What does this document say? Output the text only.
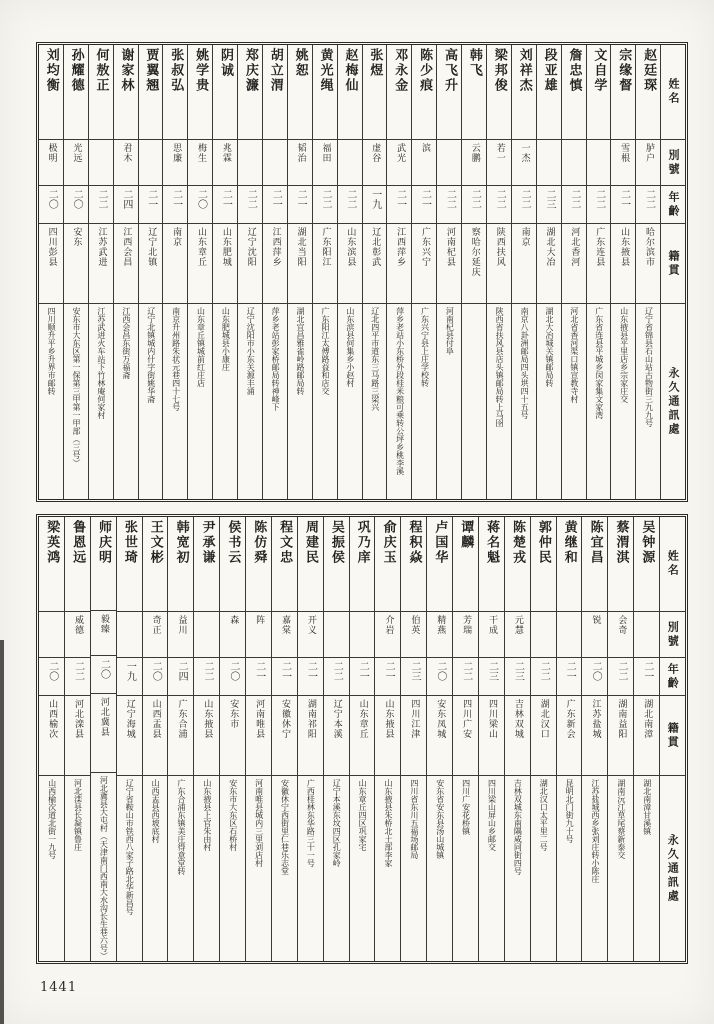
刘均衡
极明
二〇
四川彭县
四川顺升平乡升界市邮转
孙耀德
光远
二〇
安东
安东市大东区第一保第三甲第一甲部（三号）
何敖正
二二
江苏武进
江苏武进火车站下竹林庵何家村
谢家林
君木
二四
江西会昌
江西会昌东街万福斋
贾翼翘
二一
辽宁北镇
辽宁北镇城内什字街姚华斋
张叔弘
思廉
二一
南京
南京升州路朱状元巷四十七号
姚学贵
梅生
二〇
山东章丘
山东章丘镇城前红庄店
阴诚
兆霖
二一
山东肥城
山东肥城县小康庄
郑庆濂
二二
辽宁沈阳
辽宁沈阳市小东关源丰涌
胡立渭
二一
江西萍乡
萍乡老站彭家桥邮局转神峰下
姚恕
韬治
二一
湖北当阳
湖北宜昌雅雀岭路邮局转
黄光绳
福田
二二
广东阳江
广东阳江太傅路益和店交
赵梅仙
二二
山东滨县
山东滨县何集乡小赵村
张煜
虚谷
一九
辽北彰武
辽北四平市道东三马路三梁兴
邓永金
武光
二一
江西萍乡
萍乡老站小东桥外段桂米粮可乘转公坪乡桃李溪
陈少痕
滨
二一
广东兴宁
广东兴宁县上庄学校转
高飞升
二二
河南杞县
河南杞县付阜
韩飞
云鹏
二二
察哈尔延庆
梁邦俊
若一
二二
陕西扶风
陕西省扶风县店头镇邮局转上马囹
刘祥杰
一杰
二二
南京
南京八卦洲邮局四头垬四十五号
段亚雄
二三
湖北大冶
湖北大冶城关镇邮局转
詹忠慎
二二
河北香河
河北省香河渠口镇宣教寺村
文自学
二二
广东连县
广东省连县平城乡闵家集文家湾
宗缘督
雪根
二一
山东掖县
山东掖县平里店乡宗家庄交
赵廷琛
胪户
二二
哈尔滨市
辽宁省锦县石山站古物街三九九号
姓名
別號
年齡
籍貫
永久通訊處
梁英鸿
二〇
山西榆次
山西榆次道北街一九号
鲁恩远
威德
二二
河北滦县
河北滦县长凝镇鲁庄
师庆明
毅臻
二〇
河北冀县
河北冀县大屯村（天津南门西南大水沟长生巷六号）
张世琦
一九
辽宁海城
辽宁省鞍山市铁西八家子路北华新昌号
王文彬
奇正
二〇
山西盂县
山西盂县西坡底村
韩宽初
益川
二四
广东合浦
广东合浦东镇美庄得意堂转
尹承谦
二二
山东掖县
山东掖县上官朱由村
侯书云
森
二〇
安东市
安东市大东区石桥村
陈仿舜
阵
二一
河南唯县
河南唯县城内三里刘店村
程文忠
嘉棠
二一
安徽休宁
安徽休宁西街里仁巷乐志堂
周建民
开义
二一
湖南祁阳
广西桂林东华路三十一号
吴振侯
二二
辽宁本溪
辽宁本溪东坟四区孔家岭
巩乃庠
二一
山东章丘
山东章丘四区巩家宅
俞庆玉
介岩
二一
山东掖县
山东掖县朱桥北土部李家
程积焱
伯英
二三
四川江津
四川省东川五福场邮局
卢国华
精燕
二〇
安东凤城
安东省安东县汤山城镇
谭麟
芳瑞
二二
四川广安
四川广安花桥镇
蒋名魁
干成
二三
四川梁山
四川梁山屏山乡邮交
陈楚戎
元慧
二三
吉林双城
吉林双城东南隅咸同街四号
郭仲民
二二
湖北汉口
湖北汉口太平里二号
黄继和
二一
广东新会
昆明北门街九十号
陈宜昌
锐
二〇
江苏盐城
江苏盐城西乡张刘庄转小陈庄
蔡渭淇
会奇
二二
湖南益阳
湖南沅江草尾蔡新泰交
吴钟源
二一
湖北南漳
湖北南漳甘溪镇
姓名
別號
年齡
籍貫
永久通訊處
1441
